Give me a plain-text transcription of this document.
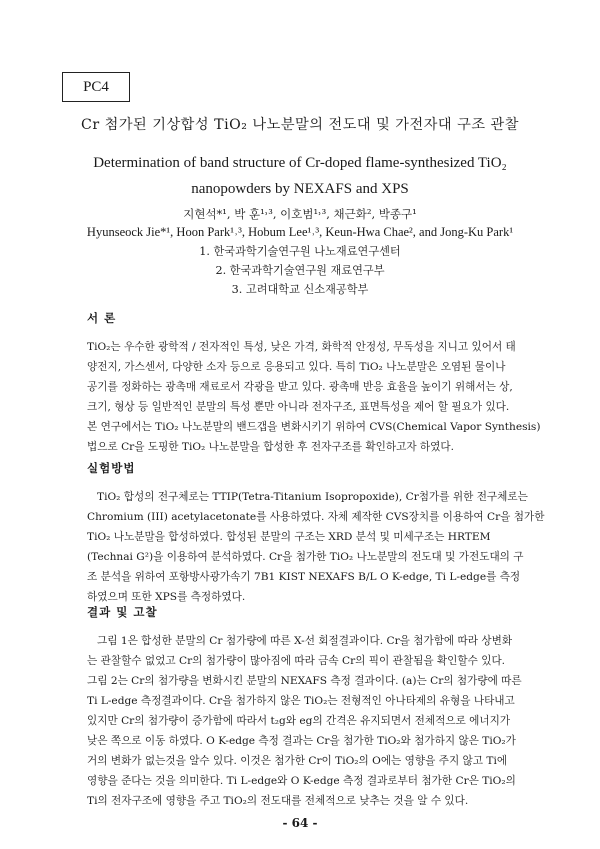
PC4
Cr 첨가된 기상합성 TiO₂ 나노분말의 전도대 및 가전자대 구조 관찰
Determination of band structure of Cr-doped flame-synthesized TiO₂
nanopowders by NEXAFS and XPS
지현석*¹, 박 훈¹˒³, 이호범¹˒³, 채근화², 박종구¹
Hyunseock Jie*¹, Hoon Park¹˒³, Hobum Lee¹˒³, Keun-Hwa Chae², and Jong-Ku Park¹
1. 한국과학기술연구원 나노재료연구센터
2. 한국과학기술연구원 재료연구부
3. 고려대학교 신소재공학부
서 론
TiO₂는 우수한 광학적 / 전자적인 특성, 낮은 가격, 화학적 안정성, 무독성을 지니고 있어서 태
양전지, 가스센서, 다양한 소자 등으로 응용되고 있다. 특히 TiO₂ 나노분말은 오염된 물이나
공기를 정화하는 광촉매 재료로서 각광을 받고 있다. 광촉매 반응 효율을 높이기 위해서는 상,
크기, 형상 등 일반적인 분말의 특성 뿐만 아니라 전자구조, 표면특성을 제어 할 필요가 있다.
본 연구에서는 TiO₂ 나노분말의 밴드갭을 변화시키기 위하여 CVS(Chemical Vapor Synthesis)
법으로 Cr을 도핑한 TiO₂ 나노분말을 합성한 후 전자구조를 확인하고자 하였다.
실험방법
TiO₂ 합성의 전구체로는 TTIP(Tetra-Titanium Isopropoxide), Cr첨가를 위한 전구체로는
Chromium (III) acetylacetonate를 사용하였다. 자체 제작한 CVS장치를 이용하여 Cr을 첨가한
TiO₂ 나노분말을 합성하였다. 합성된 분말의 구조는 XRD 분석 및 미세구조는 HRTEM
(Technai G²)을 이용하여 분석하였다. Cr을 첨가한 TiO₂ 나노분말의 전도대 및 가전도대의 구
조 분석을 위하여 포항방사광가속기 7B1 KIST NEXAFS B/L O K-edge, Ti L-edge를 측정
하였으며 또한 XPS를 측정하였다.
결과 및 고찰
그림 1은 합성한 분말의 Cr 첨가량에 따른 X-선 회절결과이다. Cr을 첨가함에 따라 상변화
는 관찰할수 없었고 Cr의 첨가량이 많아짐에 따라 금속 Cr의 픽이 관찰됨을 확인할수 있다.
그림 2는 Cr의 첨가량을 변화시킨 분말의 NEXAFS 측정 결과이다. (a)는 Cr의 첨가량에 따른
Ti L-edge 측정결과이다. Cr을 첨가하지 않은 TiO₂는 전형적인 아나타제의 유형을 나타내고
있지만 Cr의 첨가량이 증가함에 따라서 t₂g와 eg의 간격은 유지되면서 전체적으로 에너지가
낮은 쪽으로 이동 하였다. O K-edge 측정 결과는 Cr을 첨가한 TiO₂와 첨가하지 않은 TiO₂가
거의 변화가 없는것을 알수 있다. 이것은 첨가한 Cr이 TiO₂의 O에는 영향을 주지 않고 Ti에
영향을 준다는 것을 의미한다. Ti L-edge와 O K-edge 측정 결과로부터 첨가한 Cr은 TiO₂의
Ti의 전자구조에 영향을 주고 TiO₂의 전도대를 전체적으로 낮추는 것을 알 수 있다.
- 64 -
